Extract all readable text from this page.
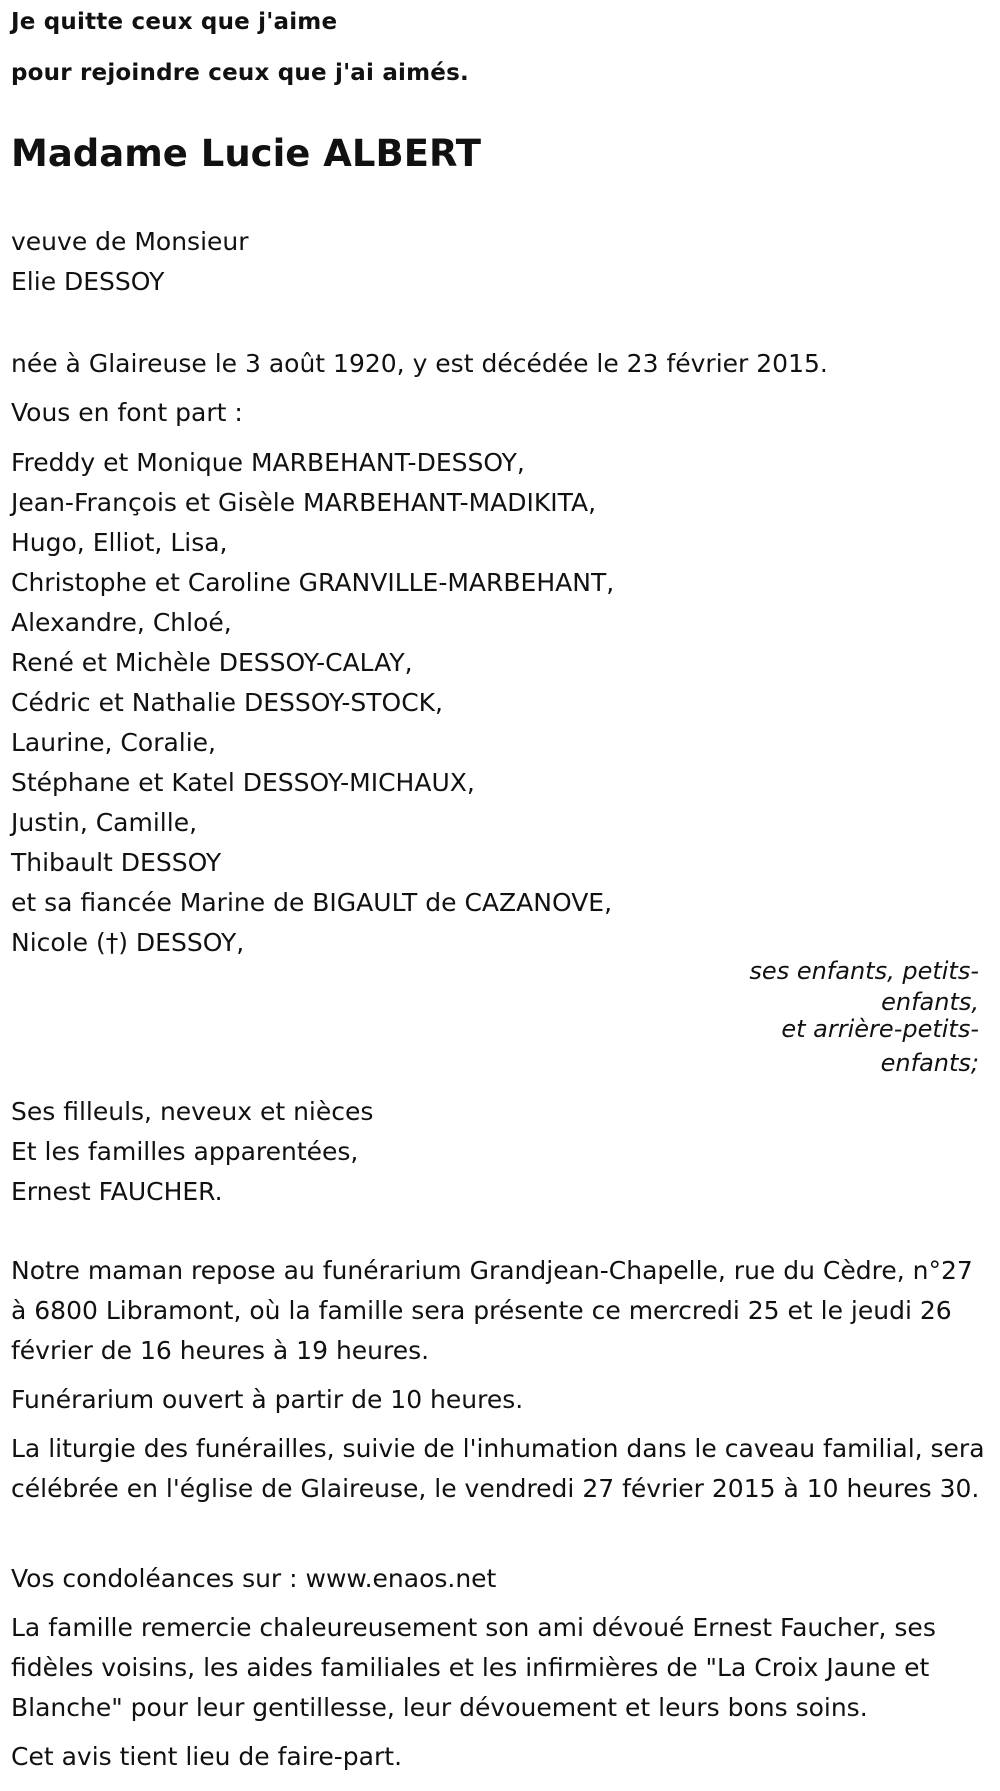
Je quitte ceux que j'aime
pour rejoindre ceux que j'ai aimés.
Madame Lucie ALBERT
veuve de Monsieur
Elie DESSOY
née à Glaireuse le 3 août 1920, y est décédée le 23 février 2015.
Vous en font part :
Freddy et Monique MARBEHANT-DESSOY,
Jean-François et Gisèle MARBEHANT-MADIKITA,
Hugo, Elliot, Lisa,
Christophe et Caroline GRANVILLE-MARBEHANT,
Alexandre, Chloé,
René et Michèle DESSOY-CALAY,
Cédric et Nathalie DESSOY-STOCK,
Laurine, Coralie,
Stéphane et Katel DESSOY-MICHAUX,
Justin, Camille,
Thibault DESSOY
et sa fiancée Marine de BIGAULT de CAZANOVE,
Nicole (†) DESSOY,
ses enfants, petits-
enfants,
et arrière-petits-
enfants;
Ses filleuls, neveux et nièces
Et les familles apparentées,
Ernest FAUCHER.
Notre maman repose au funérarium Grandjean-Chapelle, rue du Cèdre, n°27 à 6800 Libramont, où la famille sera présente ce mercredi 25 et le jeudi 26 février de 16 heures à 19 heures.
Funérarium ouvert à partir de 10 heures.
La liturgie des funérailles, suivie de l'inhumation dans le caveau familial, sera célébrée en l'église de Glaireuse, le vendredi 27 février 2015 à 10 heures 30.
Vos condoléances sur : www.enaos.net
La famille remercie chaleureusement son ami dévoué Ernest Faucher, ses fidèles voisins, les aides familiales et les infirmières de "La Croix Jaune et Blanche" pour leur gentillesse, leur dévouement et leurs bons soins.
Cet avis tient lieu de faire-part.
